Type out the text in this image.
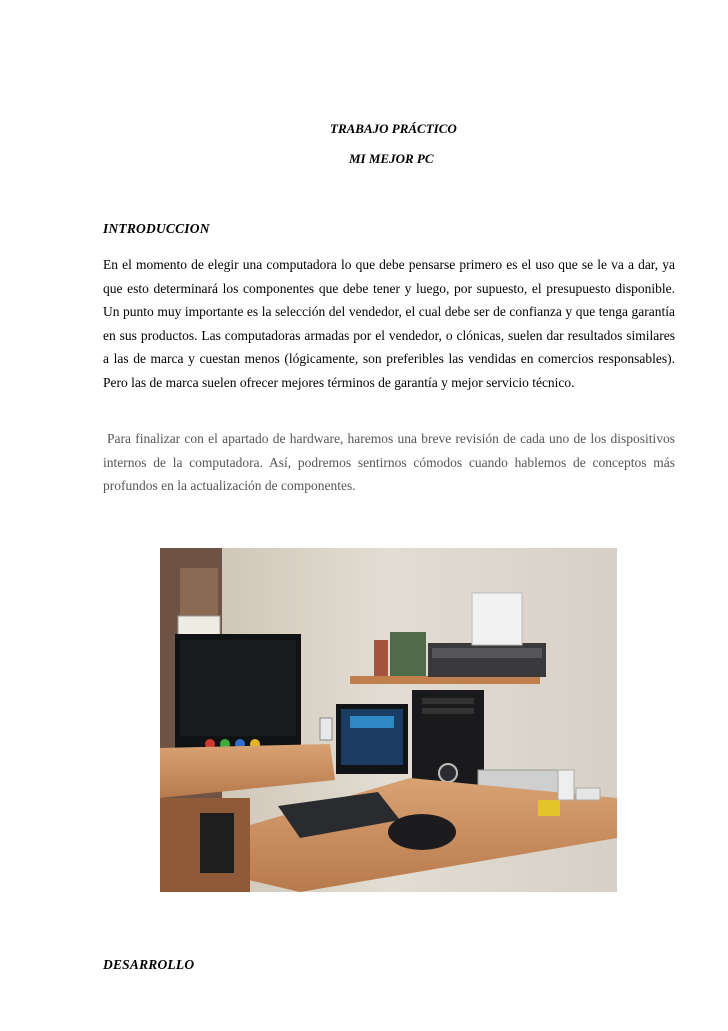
TRABAJO PRÁCTICO
MI MEJOR PC
INTRODUCCION
En el momento de elegir una computadora lo que debe pensarse primero es el uso que se le va a dar, ya que esto determinará los componentes que debe tener y luego, por supuesto, el presupuesto disponible. Un punto muy importante es la selección del vendedor, el cual debe ser de confianza y que tenga garantía en sus productos. Las computadoras armadas por el vendedor, o clónicas, suelen dar resultados similares a las de marca y cuestan menos (lógicamente, son preferibles las vendidas en comercios responsables). Pero las de marca suelen ofrecer mejores términos de garantía y mejor servicio técnico.
Para finalizar con el apartado de hardware, haremos una breve revisión de cada uno de los dispositivos internos de la computadora. Así, podremos sentirnos cómodos cuando hablemos de conceptos más profundos en la actualización de componentes.
DESARROLLO
